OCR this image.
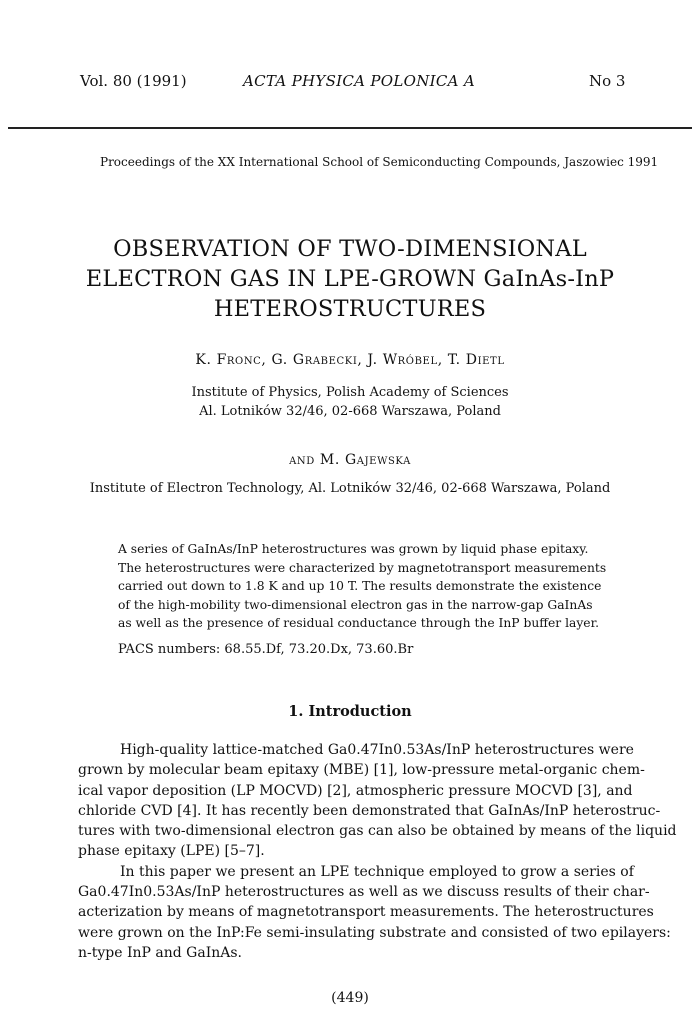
Vol. 80 (1991)	ACTA PHYSICA POLONICA A	No 3
Proceedings of the XX International School of Semiconducting Compounds, Jaszowiec 1991
OBSERVATION OF TWO-DIMENSIONAL
ELECTRON GAS IN LPE-GROWN GaInAs-InP
HETEROSTRUCTURES
K. Fronc, G. Grabecki, J. Wróbel, T. Dietl
Institute of Physics, Polish Academy of Sciences
Al. Lotników 32/46, 02-668 Warszawa, Poland
and M. Gajewska
Institute of Electron Technology, Al. Lotników 32/46, 02-668 Warszawa, Poland
A series of GaInAs/InP heterostructures was grown by liquid phase epitaxy.
The heterostructures were characterized by magnetotransport measurements
carried out down to 1.8 K and up 10 T. The results demonstrate the existence
of the high-mobility two-dimensional electron gas in the narrow-gap GaInAs
as well as the presence of residual conductance through the InP buffer layer.
PACS numbers: 68.55.Df, 73.20.Dx, 73.60.Br
1. Introduction
High-quality lattice-matched Ga0.47In0.53As/InP heterostructures were
grown by molecular beam epitaxy (MBE) [1], low-pressure metal-organic chem-
ical vapor deposition (LP MOCVD) [2], atmospheric pressure MOCVD [3], and
chloride CVD [4]. It has recently been demonstrated that GaInAs/InP heterostruc-
tures with two-dimensional electron gas can also be obtained by means of the liquid
phase epitaxy (LPE) [5–7].
In this paper we present an LPE technique employed to grow a series of
Ga0.47In0.53As/InP heterostructures as well as we discuss results of their char-
acterization by means of magnetotransport measurements. The heterostructures
were grown on the InP:Fe semi-insulating substrate and consisted of two epilayers:
n-type InP and GaInAs.
(449)
